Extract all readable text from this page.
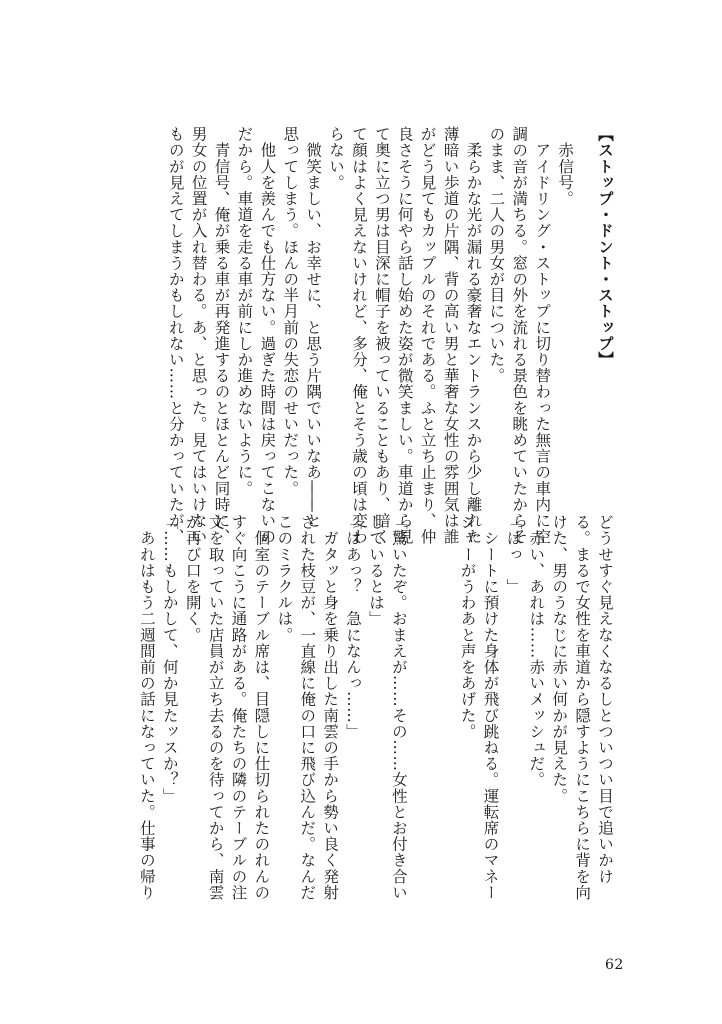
【ストップ・ドント・ストップ】
　赤信号。
　アイドリング・ストップに切り替わった無言の車内に空
調の音が満ちる。窓の外を流れる景色を眺めていたからそ
のまま、二人の男女が目についた。
　柔らかな光が漏れる豪奢なエントランスから少し離れた
薄暗い歩道の片隅、背の高い男と華奢な女性の雰囲気は誰
がどう見てもカップルのそれである。ふと立ち止まり、仲
良さそうに何やら話し始めた姿が微笑ましい。車道から見
て奥に立つ男は目深に帽子を被っていることもあり、暗く
て顔はよく見えないけれど、多分、俺とそう歳の頃は変わ
らない。
　微笑ましい、お幸せに、と思う片隅でいいなあ――と
思ってしまう。ほんの半月前の失恋のせいだった。
　他人を羨んでも仕方ない。過ぎた時間は戻ってこないの
だから。車道を走る車が前にしか進めないように。
　青信号、俺が乗る車が再発進するのとほとんど同時に、
男女の位置が入れ替わる。あ、と思った。見てはいけない
ものが見えてしまうかもしれない……と分かっていたが、
どうせすぐ見えなくなるしとついつい目で追いかけ
る。まるで女性を車道から隠すようにこちらに背を向
けた、男のうなじに赤い何かが見えた。
　赤い、あれは……赤いメッシュだ。
「はっ　」
　シートに預けた身体が飛び跳ねる。運転席のマネー
ジャーがうわあと声をあげた。

「驚いたぞ。おまえが……その……女性とお付き合い
しているとは」
「はあっ？　急になんっ……」
　ガタッと身を乗り出した南雲の手から勢い良く発射
された枝豆が、一直線に俺の口に飛び込んだ。なんだ
このミラクルは。
　個室のテーブル席は、目隠しに仕切られたのれんの
すぐ向こうに通路がある。俺たちの隣のテーブルの注
文を取っていた店員が立ち去るのを待ってから、南雲
が再び口を開く。
「……もしかして、何か見たッスか？」
　あれはもう二週間前の話になっていた。仕事の帰り
62
